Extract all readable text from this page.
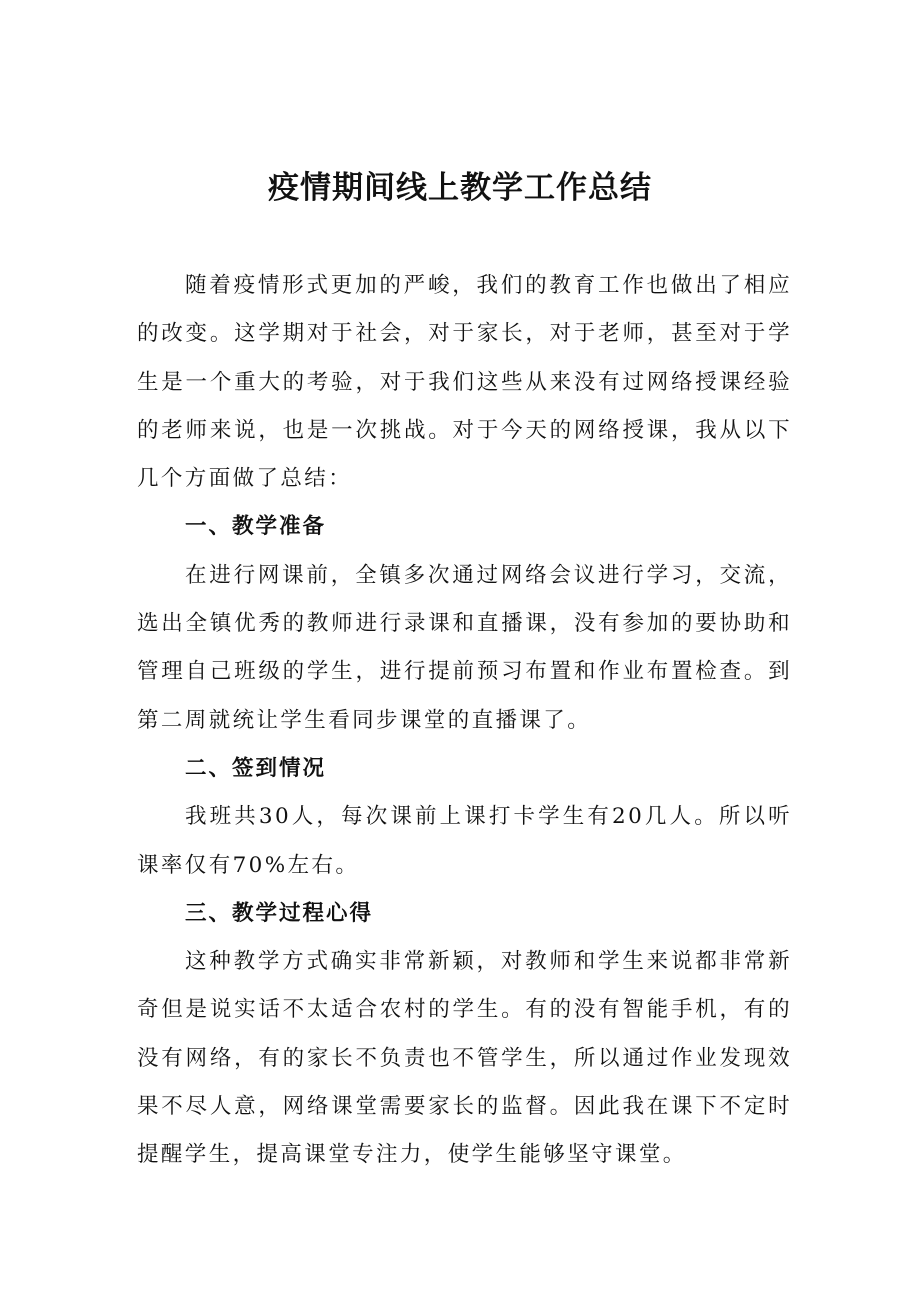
疫情期间线上教学工作总结

随着疫情形式更加的严峻，我们的教育工作也做出了相应的改变。这学期对于社会，对于家长，对于老师，甚至对于学生是一个重大的考验，对于我们这些从来没有过网络授课经验的老师来说，也是一次挑战。对于今天的网络授课，我从以下几个方面做了总结：

一、教学准备

在进行网课前，全镇多次通过网络会议进行学习，交流，选出全镇优秀的教师进行录课和直播课，没有参加的要协助和管理自己班级的学生，进行提前预习布置和作业布置检查。到第二周就统让学生看同步课堂的直播课了。

二、签到情况

我班共30人，每次课前上课打卡学生有20几人。所以听课率仅有70%左右。

三、教学过程心得

这种教学方式确实非常新颖，对教师和学生来说都非常新奇但是说实话不太适合农村的学生。有的没有智能手机，有的没有网络，有的家长不负责也不管学生，所以通过作业发现效果不尽人意，网络课堂需要家长的监督。因此我在课下不定时提醒学生，提高课堂专注力，使学生能够坚守课堂。
